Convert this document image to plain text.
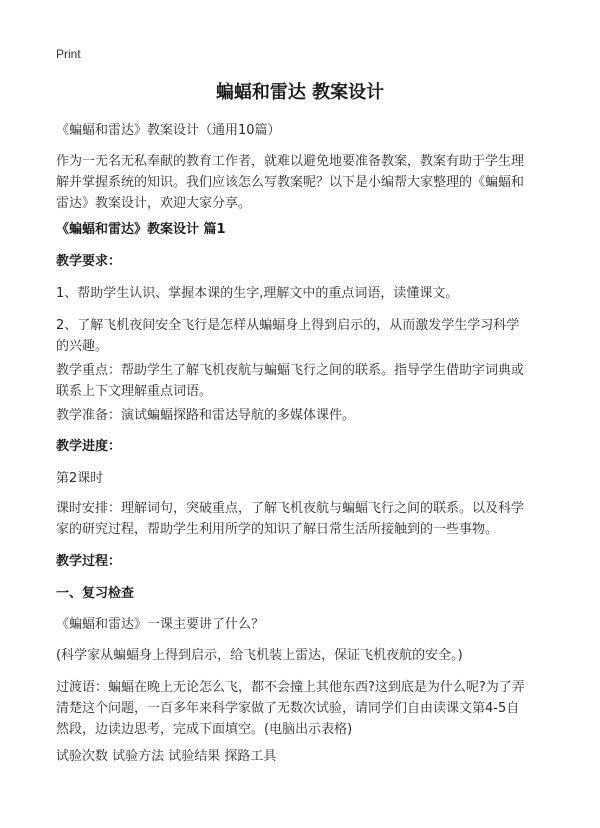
Print
蝙蝠和雷达 教案设计
《蝙蝠和雷达》教案设计（通用10篇）
作为一无名无私奉献的教育工作者，就难以避免地要准备教案，教案有助于学生理
解并掌握系统的知识。我们应该怎么写教案呢？以下是小编帮大家整理的《蝙蝠和
雷达》教案设计，欢迎大家分享。
《蝙蝠和雷达》教案设计 篇1
教学要求：
1、帮助学生认识、掌握本课的生字,理解文中的重点词语，读懂课文。
2、了解飞机夜间安全飞行是怎样从蝙蝠身上得到启示的，从而激发学生学习科学
的兴趣。
教学重点：帮助学生了解飞机夜航与蝙蝠飞行之间的联系。指导学生借助字词典或
联系上下文理解重点词语。
教学准备：演试蝙蝠探路和雷达导航的多媒体课件。
教学进度：
第2课时
课时安排：理解词句，突破重点，了解飞机夜航与蝙蝠飞行之间的联系。以及科学
家的研究过程，帮助学生利用所学的知识了解日常生活所接触到的一些事物。
教学过程：
一、复习检查
《蝙蝠和雷达》一课主要讲了什么？
(科学家从蝙蝠身上得到启示，给飞机装上雷达，保证飞机夜航的安全。)
过渡语：蝙蝠在晚上无论怎么飞，都不会撞上其他东西?这到底是为什么呢?为了弄
清楚这个问题，一百多年来科学家做了无数次试验，请同学们自由读课文第4-5自
然段，边读边思考，完成下面填空。(电脑出示表格)
试验次数 试验方法 试验结果 探路工具
